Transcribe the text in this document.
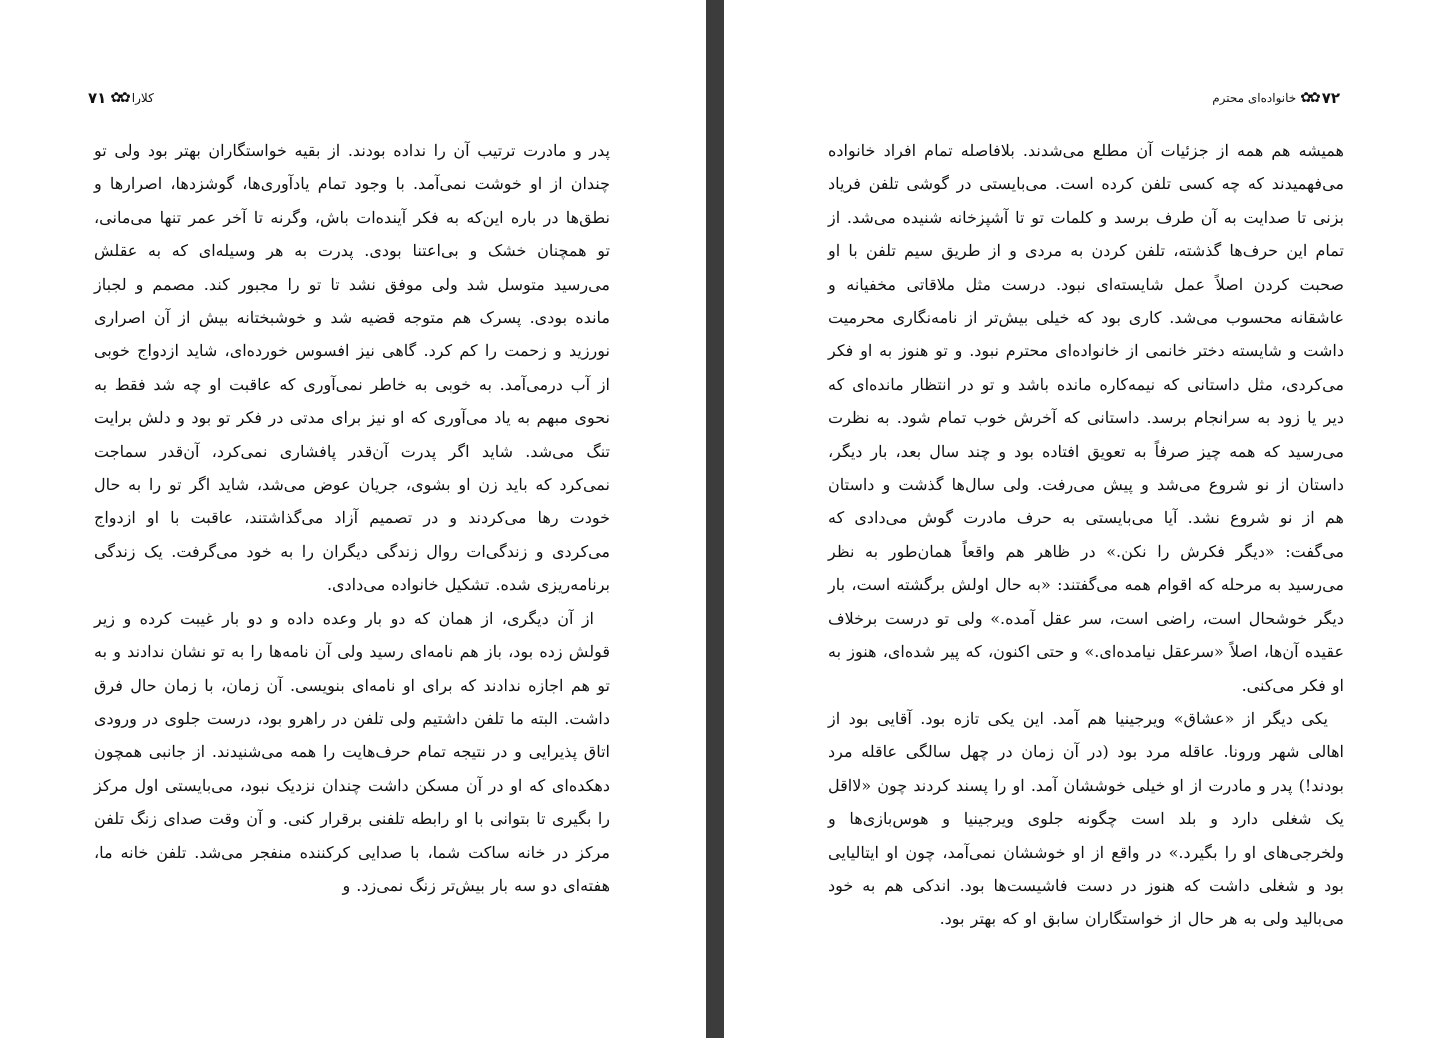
کلارا
✿✿
۷۱

پدر و مادرت ترتیب آن را نداده بودند. از بقیه خواستگاران بهتر بود ولی تو چندان از او خوشت نمی‌آمد. با وجود تمام یادآوری‌ها، گوشزدها، اصرارها و نطق‌ها در باره این‌که به فکر آینده‌ات باش، وگرنه تا آخر عمر تنها می‌مانی، تو همچنان خشک و بی‌اعتنا بودی. پدرت به هر وسیله‌ای که به عقلش می‌رسید متوسل شد ولی موفق نشد تا تو را مجبور کند. مصمم و لجباز مانده بودی. پسرک هم متوجه قضیه شد و خوشبختانه بیش از آن اصراری نورزید و زحمت را کم کرد. گاهی نیز افسوس خورده‌ای، شاید ازدواج خوبی از آب درمی‌آمد. به خوبی به خاطر نمی‌آوری که عاقبت او چه شد فقط به نحوی مبهم به یاد می‌آوری که او نیز برای مدتی در فکر تو بود و دلش برایت تنگ می‌شد. شاید اگر پدرت آن‌قدر پافشاری نمی‌کرد، آن‌قدر سماجت نمی‌کرد که باید زن او بشوی، جریان عوض می‌شد، شاید اگر تو را به حال خودت رها می‌کردند و در تصمیم آزاد می‌گذاشتند، عاقبت با او ازدواج می‌کردی و زندگی‌ات روال زندگی دیگران را به خود می‌گرفت. یک زندگی برنامه‌ریزی شده. تشکیل خانواده می‌دادی.

از آن دیگری، از همان که دو بار وعده داده و دو بار غیبت کرده و زیر قولش زده بود، باز هم نامه‌ای رسید ولی آن نامه‌ها را به تو نشان ندادند و به تو هم اجازه ندادند که برای او نامه‌ای بنویسی. آن زمان، با زمان حال فرق داشت. البته ما تلفن داشتیم ولی تلفن در راهرو بود، درست جلوی در ورودی اتاق پذیرایی و در نتیجه تمام حرف‌هایت را همه می‌شنیدند. از جانبی همچون دهکده‌ای که او در آن مسکن داشت چندان نزدیک نبود، می‌بایستی اول مرکز را بگیری تا بتوانی با او رابطه تلفنی برقرار کنی. و آن وقت صدای زنگ تلفن مرکز در خانه ساکت شما، با صدایی کرکننده منفجر می‌شد. تلفن خانه ما، هفته‌ای دو سه بار بیش‌تر زنگ نمی‌زد. و

۷۲
✿✿
خانواده‌ای محترم

همیشه هم همه از جزئیات آن مطلع می‌شدند. بلافاصله تمام افراد خانواده می‌فهمیدند که چه کسی تلفن کرده است. می‌بایستی در گوشی تلفن فریاد بزنی تا صدایت به آن طرف برسد و کلمات تو تا آشپزخانه شنیده می‌شد. از تمام این حرف‌ها گذشته، تلفن کردن به مردی و از طریق سیم تلفن با او صحبت کردن اصلاً عمل شایسته‌ای نبود. درست مثل ملاقاتی مخفیانه و عاشقانه محسوب می‌شد. کاری بود که خیلی بیش‌تر از نامه‌نگاری محرمیت داشت و شایسته دختر خانمی از خانواده‌ای محترم نبود. و تو هنوز به او فکر می‌کردی، مثل داستانی که نیمه‌کاره مانده باشد و تو در انتظار مانده‌ای که دیر یا زود به سرانجام برسد. داستانی که آخرش خوب تمام شود. به نظرت می‌رسید که همه چیز صرفاً به تعویق افتاده بود و چند سال بعد، بار دیگر، داستان از نو شروع می‌شد و پیش می‌رفت. ولی سال‌ها گذشت و داستان هم از نو شروع نشد. آیا می‌بایستی به حرف مادرت گوش می‌دادی که می‌گفت: «دیگر فکرش را نکن.» در ظاهر هم واقعاً همان‌طور به نظر می‌رسید به مرحله که اقوام همه می‌گفتند: «به حال اولش برگشته است، بار دیگر خوشحال است، راضی است، سر عقل آمده.» ولی تو درست برخلاف عقیده آن‌ها، اصلاً «سرعقل نیامده‌ای.» و حتی اکنون، که پیر شده‌ای، هنوز به او فکر می‌کنی.

یکی دیگر از «عشاق» ویرجینیا هم آمد. این یکی تازه بود. آقایی بود از اهالی شهر ورونا. عاقله مرد بود (در آن زمان در چهل سالگی عاقله مرد بودند!) پدر و مادرت از او خیلی خوششان آمد. او را پسند کردند چون «لااقل یک شغلی دارد و بلد است چگونه جلوی ویرجینیا و هوس‌بازی‌ها و ولخرجی‌های او را بگیرد.» در واقع از او خوششان نمی‌آمد، چون او ایتالیایی بود و شغلی داشت که هنوز در دست فاشیست‌ها بود. اندکی هم به خود می‌بالید ولی به هر حال از خواستگاران سابق او که بهتر بود.
